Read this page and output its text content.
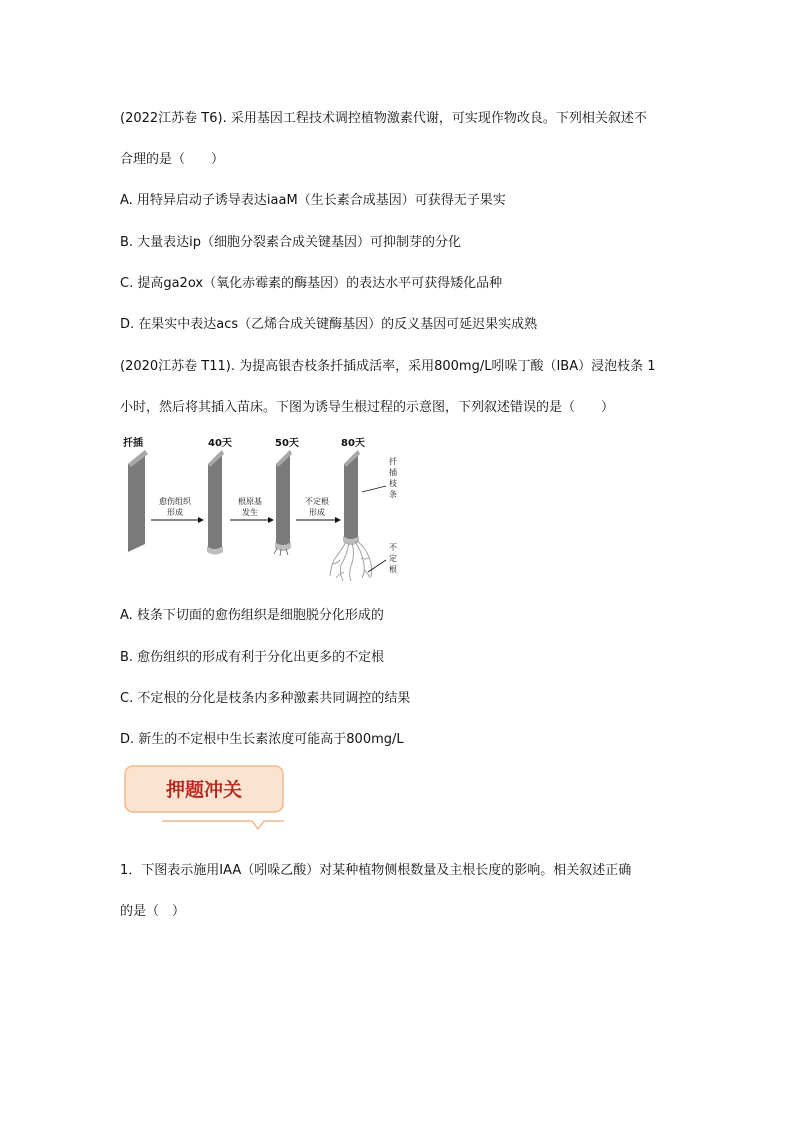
(2022江苏卷 T6). 采用基因工程技术调控植物激素代谢，可实现作物改良。下列相关叙述不
合理的是（　　）
A. 用特异启动子诱导表达iaaM（生长素合成基因）可获得无子果实
B. 大量表达ip（细胞分裂素合成关键基因）可抑制芽的分化
C. 提高ga2ox（氧化赤霉素的酶基因）的表达水平可获得矮化品种
D. 在果实中表达acs（乙烯合成关键酶基因）的反义基因可延迟果实成熟
(2020江苏卷 T11). 为提高银杏枝条扦插成活率，采用800mg/L吲哚丁酸（IBA）浸泡枝条 1
小时，然后将其插入苗床。下图为诱导生根过程的示意图，下列叙述错误的是（　　）
扦插	40天	50天	80天
愈伤组织
形成
根原基
发生
不定根
形成
扦
插
枝
条
不
定
根
A. 枝条下切面的愈伤组织是细胞脱分化形成的
B. 愈伤组织的形成有利于分化出更多的不定根
C. 不定根的分化是枝条内多种激素共同调控的结果
D. 新生的不定根中生长素浓度可能高于800mg/L
押题冲关
1．下图表示施用IAA（吲哚乙酸）对某种植物侧根数量及主根长度的影响。相关叙述正确
的是（　）
